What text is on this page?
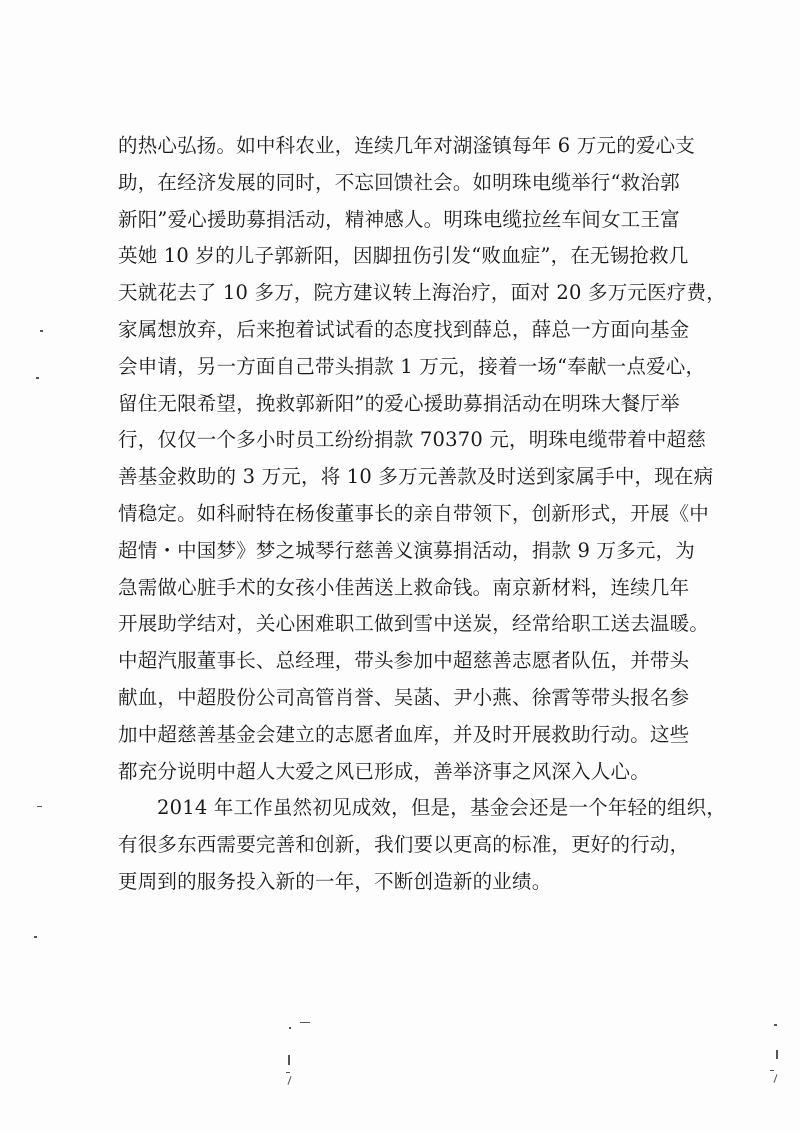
的热心弘扬。如中科农业，连续几年对湖滏镇每年 6 万元的爱心支
助，在经济发展的同时，不忘回馈社会。如明珠电缆举行“救治郭
新阳”爱心援助募捐活动，精神感人。明珠电缆拉丝车间女工王富
英她 10 岁的儿子郭新阳，因脚扭伤引发“败血症”，在无锡抢救几
天就花去了 10 多万，院方建议转上海治疗，面对 20 多万元医疗费，
家属想放弃，后来抱着试试看的态度找到薛总，薛总一方面向基金
会申请，另一方面自己带头捐款 1 万元，接着一场“奉献一点爱心，
留住无限希望，挽救郭新阳”的爱心援助募捐活动在明珠大餐厅举
行，仅仅一个多小时员工纷纷捐款 70370 元，明珠电缆带着中超慈
善基金救助的 3 万元，将 10 多万元善款及时送到家属手中，现在病
情稳定。如科耐特在杨俊董事长的亲自带领下，创新形式，开展《中
超情・中国梦》梦之城琴行慈善义演募捐活动，捐款 9 万多元，为
急需做心脏手术的女孩小佳茜送上救命钱。南京新材料，连续几年
开展助学结对，关心困难职工做到雪中送炭，经常给职工送去温暖。
中超汽服董事长、总经理，带头参加中超慈善志愿者队伍，并带头
献血，中超股份公司高管肖誉、吴菡、尹小燕、徐霄等带头报名参
加中超慈善基金会建立的志愿者血库，并及时开展救助行动。这些
都充分说明中超人大爱之风已形成，善举济事之风深入人心。
2014 年工作虽然初见成效，但是，基金会还是一个年轻的组织，
有很多东西需要完善和创新，我们要以更高的标准，更好的行动，
更周到的服务投入新的一年，不断创造新的业绩。
